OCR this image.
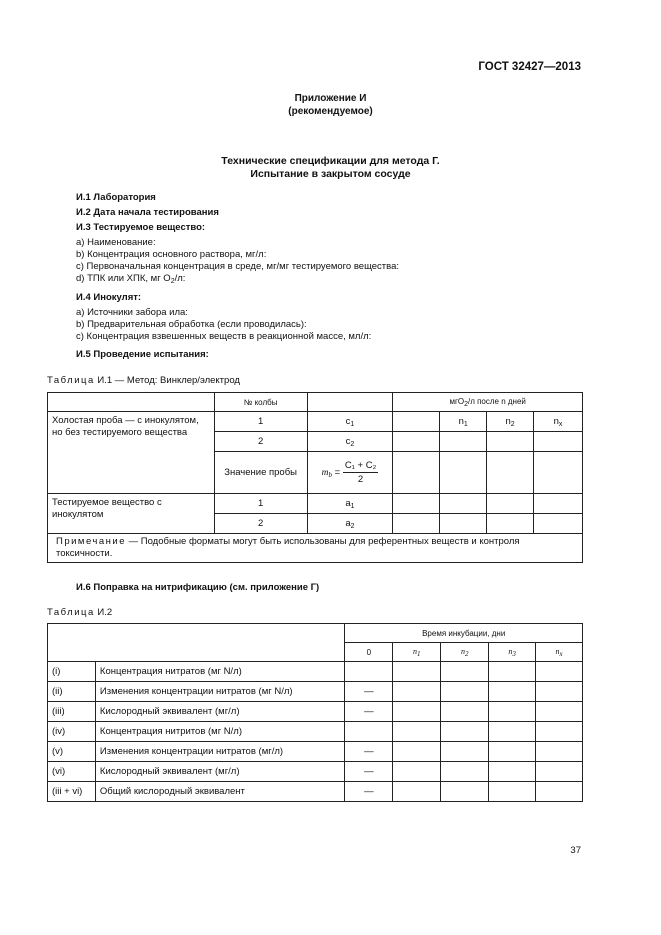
ГОСТ 32427—2013
Приложение И
(рекомендуемое)
Технические спецификации для метода Г.
Испытание в закрытом сосуде
И.1 Лаборатория
И.2 Дата начала тестирования
И.3 Тестируемое вещество:
а) Наименование:
b) Концентрация основного раствора, мг/л:
с) Первоначальная концентрация в среде, мг/мг тестируемого вещества:
d) ТПК или ХПК, мг $О_2/л$:
И.4 Инокулят:
а) Источники забора ила:
b) Предварительная обработка (если проводилась):
с) Концентрация взвешенных веществ в реакционной массе, мл/л:
И.5 Проведение испытания:
Таблица И.1 — Метод: Винклер/электрод
	№ колбы		мгО$_2$/л после n дней			
Холостая проба — с инокулятом, но без тестируемого вещества	1	$с_1$		$n_1$	$n_2$	$n_x$
	2	$с_2$				
	Значение пробы	$m_b = \frac{\text{C₁ + C₂}}{2}$

Тестируемое вещество с инокулятом	1	$а_1$				
	2	$а_2$				
Примечание — Подобные форматы могут быть использованы для референтных веществ и контроля токсичности.						
И.6 Поправка на нитрификацию (см. приложение Г)
Таблица И.2
		Время инкубации, дни				
		0	$n_1$	$n_2$	$n_3$	$n_x$
(i)	Концентрация нитратов (мг N/л)					
(ii)	Изменения концентрации нитратов (мг N/л)	—				
(iii)	Кислородный эквивалент (мг/л)	—				
(iv)	Концентрация нитритов (мг N/л)					
(v)	Изменения концентрации нитратов (мг/л)	—				
(vi)	Кислородный эквивалент (мг/л)	—				
(iii + vi)	Общий кислородный эквивалент	—				
37
